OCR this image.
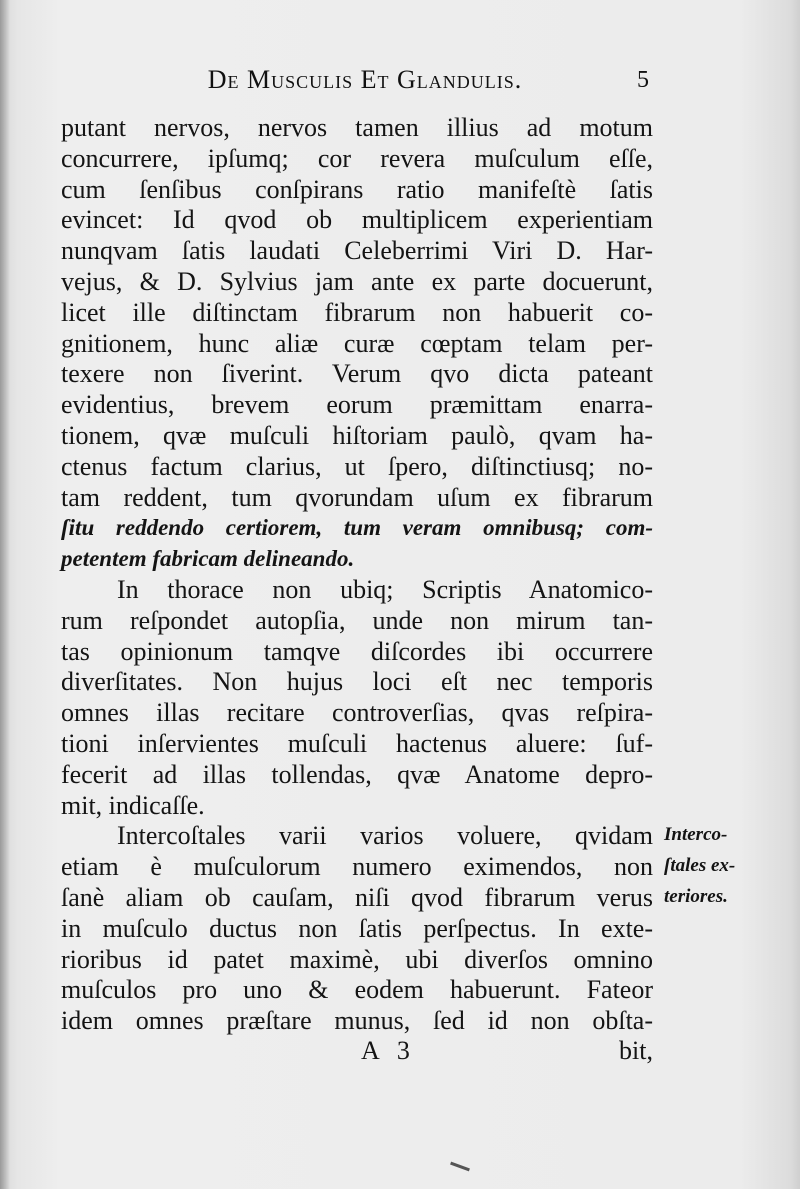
De Musculis Et Glandulis.	5
putant nervos, nervos tamen illius ad motum
concurrere, ipſumq; cor revera muſculum eſſe,
cum ſenſibus conſpirans ratio manifeſtè ſatis
evincet: Id qvod ob multiplicem experientiam
nunqvam ſatis laudati Celeberrimi Viri D. Har-
vejus, & D. Sylvius jam ante ex parte docuerunt,
licet ille diſtinctam fibrarum non habuerit co-
gnitionem, hunc aliæ curæ cœptam telam per-
texere non ſiverint. Verum qvo dicta pateant
evidentius, brevem eorum præmittam enarra-
tionem, qvæ muſculi hiſtoriam paulò, qvam ha-
ctenus factum clarius, ut ſpero, diſtinctiusq; no-
tam reddent, tum qvorundam uſum ex fibrarum
ſitu reddendo certiorem, tum veram omnibusq; com-
petentem fabricam delineando.
In thorace non ubiq; Scriptis Anatomico-
rum reſpondet autopſia, unde non mirum tan-
tas opinionum tamqve diſcordes ibi occurrere
diverſitates. Non hujus loci eſt nec temporis
omnes illas recitare controverſias, qvas reſpira-
tioni inſervientes muſculi hactenus aluere: ſuf-
fecerit ad illas tollendas, qvæ Anatome depro-
mit, indicaſſe.
Intercoſtales varii varios voluere, qvidam
etiam è muſculorum numero eximendos, non
ſanè aliam ob cauſam, niſi qvod fibrarum verus
in muſculo ductus non ſatis perſpectus. In exte-
rioribus id patet maximè, ubi diverſos omnino
muſculos pro uno & eodem habuerunt. Fateor
idem omnes præſtare munus, ſed id non obſta-
Interco-
ſtales ex-
teriores.
A 3	bit,
